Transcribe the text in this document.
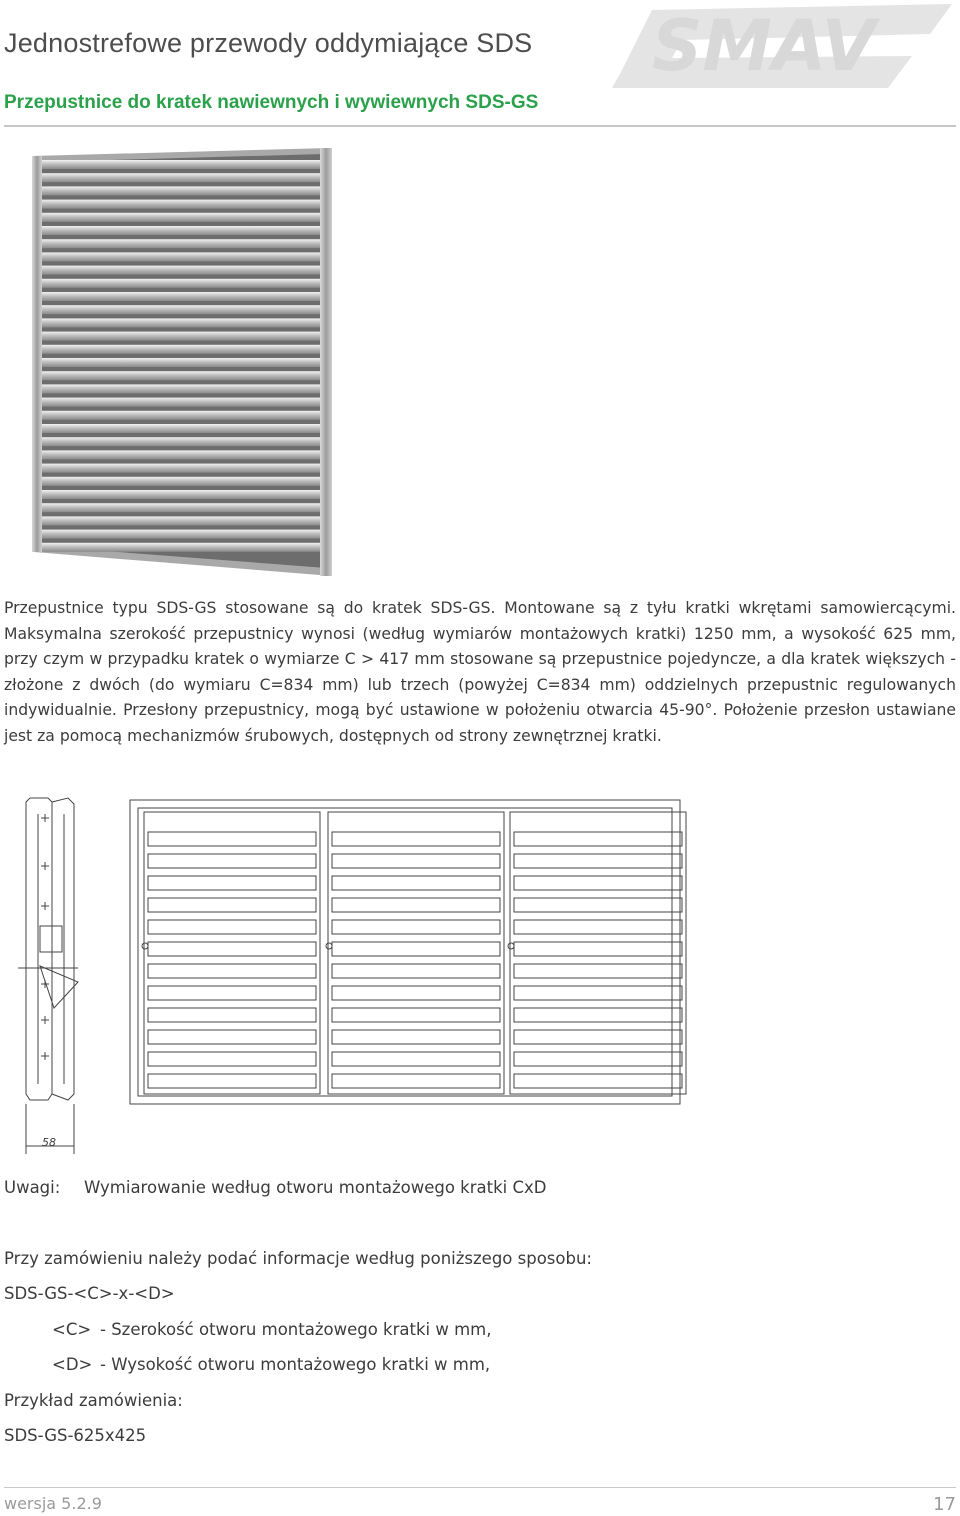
Jednostrefowe przewody oddymiające SDS SMAV
Przepustnice do kratek nawiewnych i wywiewnych SDS-GS
Przepustnice typu SDS-GS stosowane są do kratek SDS-GS. Montowane są z tyłu kratki wkrętami samowiercącymi. Maksymalna szerokość przepustnicy wynosi (według wymiarów montażowych kratki) 1250 mm, a wysokość 625 mm, przy czym w przypadku kratek o wymiarze C > 417 mm stosowane są przepustnice pojedyncze, a dla kratek większych - złożone z dwóch (do wymiaru C=834 mm) lub trzech (powyżej C=834 mm) oddzielnych przepustnic regulowanych indywidualnie. Przesłony przepustnicy, mogą być ustawione w położeniu otwarcia 45-90°. Położenie przesłon ustawiane jest za pomocą mechanizmów śrubowych, dostępnych od strony zewnętrznej kratki.
58
Uwagi: Wymiarowanie według otworu montażowego kratki CxD
Przy zamówieniu należy podać informacje według poniższego sposobu:
SDS-GS-<C>-x-<D>
<C> - Szerokość otworu montażowego kratki w mm,
<D> - Wysokość otworu montażowego kratki w mm,
Przykład zamówienia:
SDS-GS-625x425
wersja 5.2.9	17
